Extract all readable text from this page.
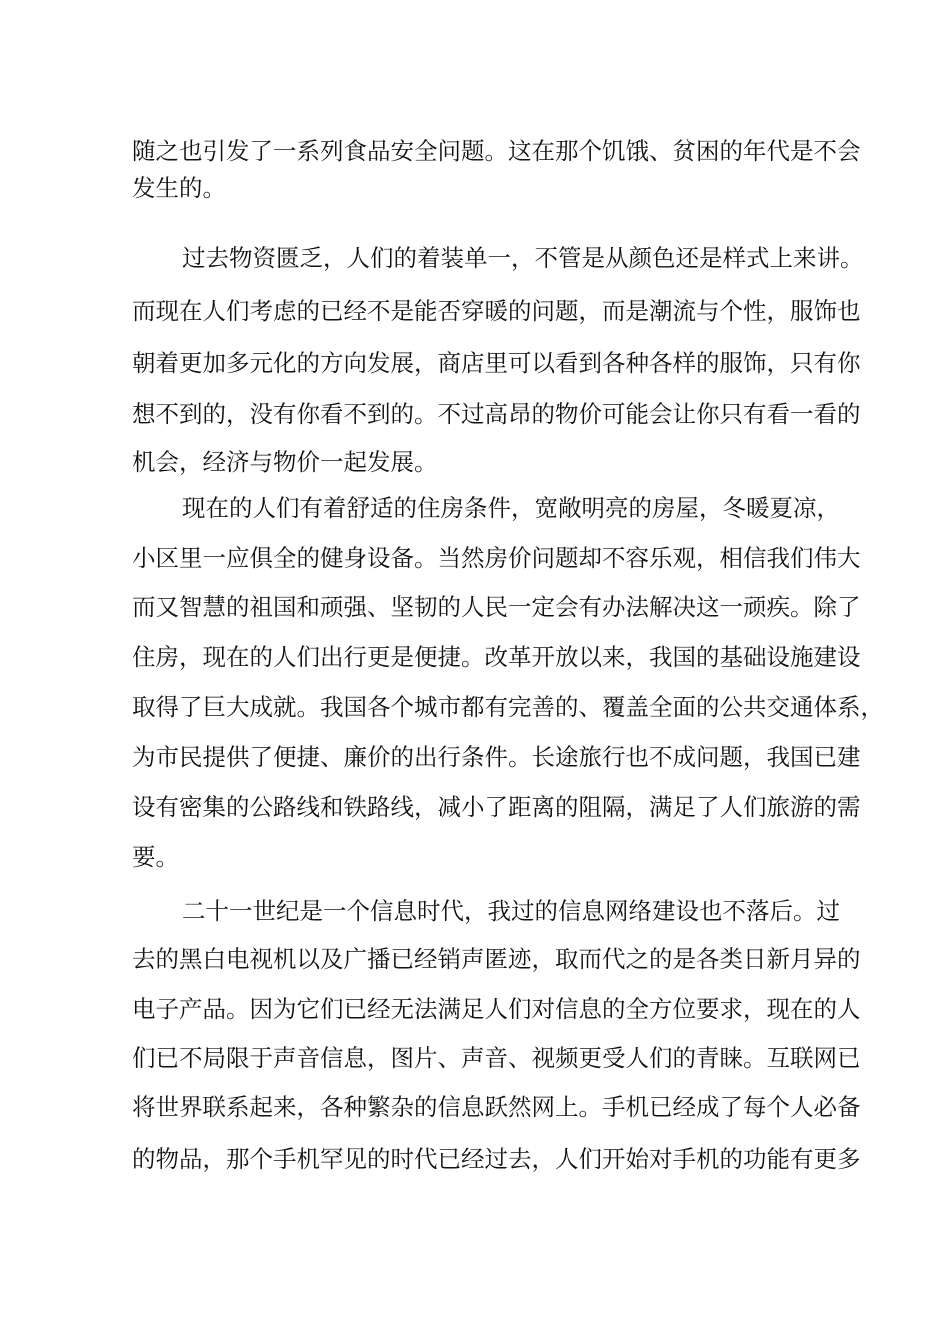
随之也引发了一系列食品安全问题。这在那个饥饿、贫困的年代是不会
发生的。
过去物资匮乏，人们的着装单一，不管是从颜色还是样式上来讲。
而现在人们考虑的已经不是能否穿暖的问题，而是潮流与个性，服饰也
朝着更加多元化的方向发展，商店里可以看到各种各样的服饰，只有你
想不到的，没有你看不到的。不过高昂的物价可能会让你只有看一看的
机会，经济与物价一起发展。
现在的人们有着舒适的住房条件，宽敞明亮的房屋，冬暖夏凉，
小区里一应俱全的健身设备。当然房价问题却不容乐观，相信我们伟大
而又智慧的祖国和顽强、坚韧的人民一定会有办法解决这一顽疾。除了
住房，现在的人们出行更是便捷。改革开放以来，我国的基础设施建设
取得了巨大成就。我国各个城市都有完善的、覆盖全面的公共交通体系，
为市民提供了便捷、廉价的出行条件。长途旅行也不成问题，我国已建
设有密集的公路线和铁路线，减小了距离的阻隔，满足了人们旅游的需
要。
二十一世纪是一个信息时代，我过的信息网络建设也不落后。过
去的黑白电视机以及广播已经销声匿迹，取而代之的是各类日新月异的
电子产品。因为它们已经无法满足人们对信息的全方位要求，现在的人
们已不局限于声音信息，图片、声音、视频更受人们的青睐。互联网已
将世界联系起来，各种繁杂的信息跃然网上。手机已经成了每个人必备
的物品，那个手机罕见的时代已经过去，人们开始对手机的功能有更多
